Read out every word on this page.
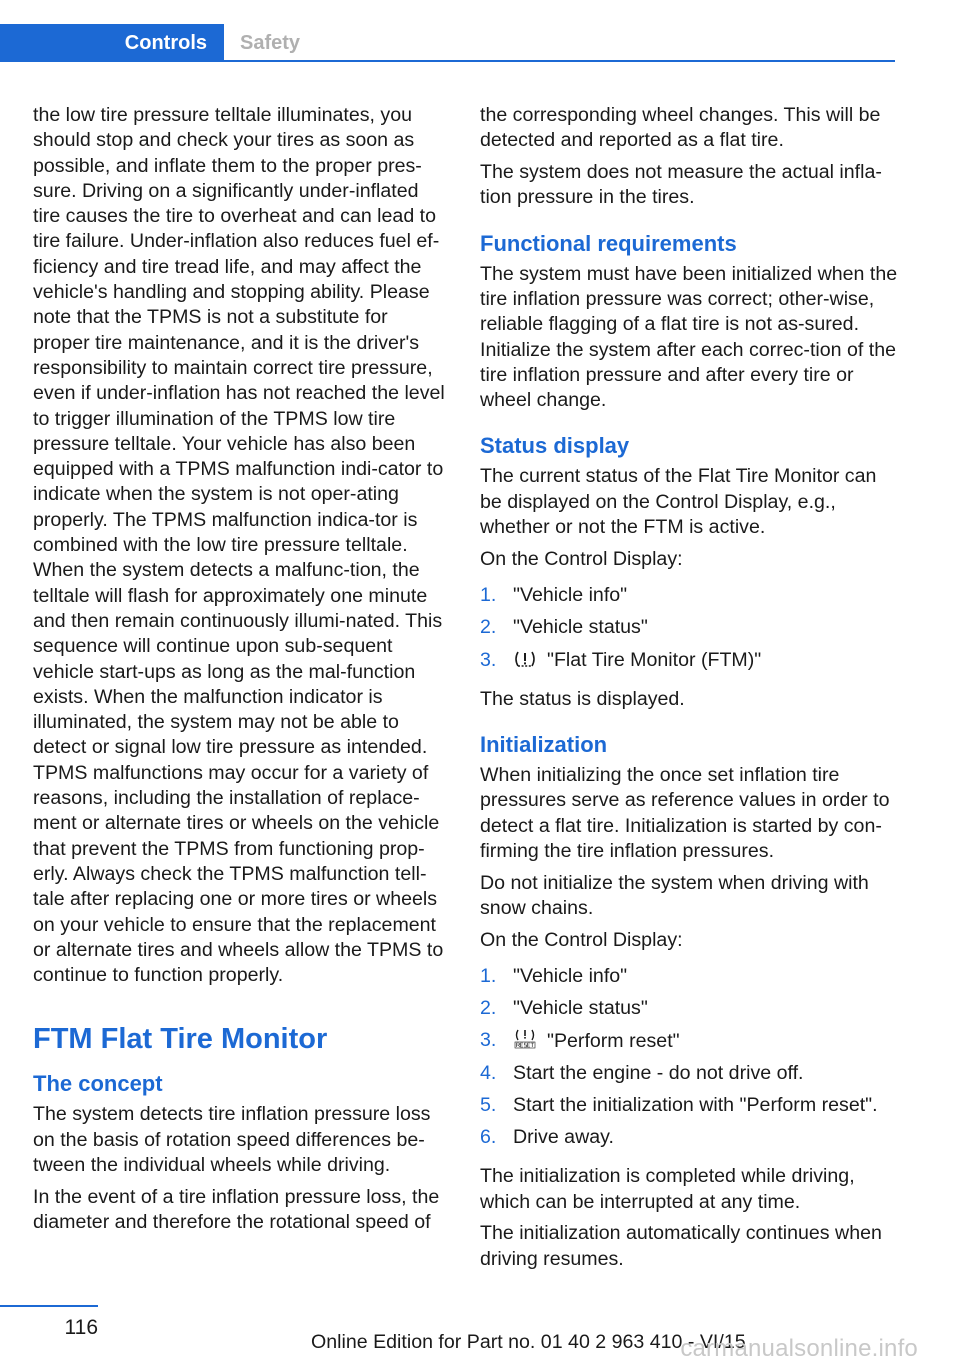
Controls	Safety

the low tire pressure telltale illuminates, you should stop and check your tires as soon as possible, and inflate them to the proper pres‐sure. Driving on a significantly under-inflated tire causes the tire to overheat and can lead to tire failure. Under-inflation also reduces fuel ef‐ficiency and tire tread life, and may affect the vehicle's handling and stopping ability. Please note that the TPMS is not a substitute for proper tire maintenance, and it is the driver's responsibility to maintain correct tire pressure, even if under-inflation has not reached the level to trigger illumination of the TPMS low tire pressure telltale. Your vehicle has also been equipped with a TPMS malfunction indi‐cator to indicate when the system is not oper‐ating properly. The TPMS malfunction indica‐tor is combined with the low tire pressure telltale. When the system detects a malfunc‐tion, the telltale will flash for approximately one minute and then remain continuously illumi‐nated. This sequence will continue upon sub‐sequent vehicle start-ups as long as the mal‐function exists. When the malfunction indicator is illuminated, the system may not be able to detect or signal low tire pressure as intended. TPMS malfunctions may occur for a variety of reasons, including the installation of replace‐ment or alternate tires or wheels on the vehicle that prevent the TPMS from functioning prop‐erly. Always check the TPMS malfunction tell‐tale after replacing one or more tires or wheels on your vehicle to ensure that the replacement or alternate tires and wheels allow the TPMS to continue to function properly.

FTM Flat Tire Monitor
The concept

The system detects tire inflation pressure loss on the basis of rotation speed differences be‐tween the individual wheels while driving.

In the event of a tire inflation pressure loss, the diameter and therefore the rotational speed of

the corresponding wheel changes. This will be detected and reported as a flat tire.

The system does not measure the actual infla‐tion pressure in the tires.

Functional requirements

The system must have been initialized when the tire inflation pressure was correct; other‐wise, reliable flagging of a flat tire is not as‐sured. Initialize the system after each correc‐tion of the tire inflation pressure and after every tire or wheel change.

Status display

The current status of the Flat Tire Monitor can be displayed on the Control Display, e.g., whether or not the FTM is active.

On the Control Display:

1. "Vehicle info"
2. "Vehicle status"
3.	"Flat Tire Monitor (FTM)"

The status is displayed.

Initialization

When initializing the once set inflation tire pressures serve as reference values in order to detect a flat tire. Initialization is started by con‐firming the tire inflation pressures.

Do not initialize the system when driving with snow chains.

On the Control Display:

1. "Vehicle info"
2. "Vehicle status"
3.	"Perform reset"
4. Start the engine - do not drive off.
5. Start the initialization with "Perform reset".
6. Drive away.

The initialization is completed while driving, which can be interrupted at any time.

The initialization automatically continues when driving resumes.

116
Online Edition for Part no. 01 40 2 963 410 - VI/15
carmanualsonline.info
